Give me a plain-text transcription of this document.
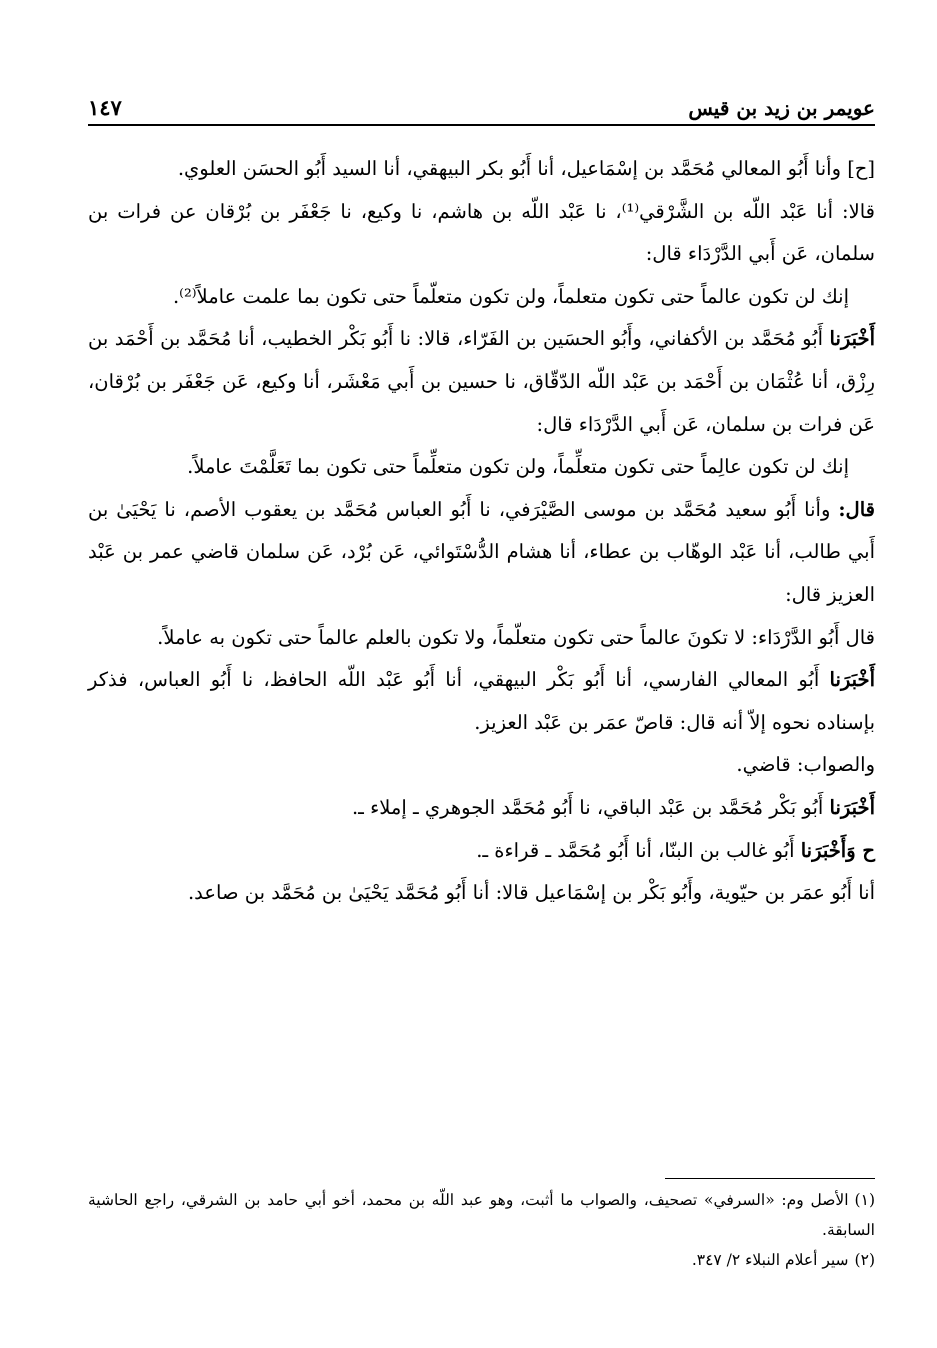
عويمر بن زيد بن قيس
١٤٧

[ح] وأنا أَبُو المعالي مُحَمَّد بن إسْمَاعيل، أنا أَبُو بكر البيهقي، أنا السيد أَبُو الحسَن العلوي.

قالا: أنا عَبْد اللّه بن الشَّرْقي⁽¹⁾، نا عَبْد اللّه بن هاشم، نا وكيع، نا جَعْفَر بن بُرْقان عن فرات بن سلمان، عَن أَبي الدَّرْدَاء قال:

إنك لن تكون عالماً حتى تكون متعلماً، ولن تكون متعلّماً حتى تكون بما علمت عاملاً⁽²⁾.

أَخْبَرَنا أَبُو مُحَمَّد بن الأكفاني، وأَبُو الحسَين بن الفَرّاء، قالا: نا أَبُو بَكْر الخطيب، أنا مُحَمَّد بن أَحْمَد بن رِزْق، أنا عُثْمَان بن أَحْمَد بن عَبْد اللّه الدّقّاق، نا حسين بن أَبي مَعْشَر، أنا وكيع، عَن جَعْفَر بن بُرْقان، عَن فرات بن سلمان، عَن أَبي الدَّرْدَاء قال:

إنك لن تكون عالِماً حتى تكون متعلِّماً، ولن تكون متعلِّماً حتى تكون بما تَعَلَّمْتَ عاملاً.

قال: وأنا أَبُو سعيد مُحَمَّد بن موسى الصَّيْرَفي، نا أَبُو العباس مُحَمَّد بن يعقوب الأصم، نا يَحْيَىٰ بن أَبي طالب، أنا عَبْد الوهّاب بن عطاء، أنا هشام الدُّسْتَوائي، عَن بُرْد، عَن سلمان قاضي عمر بن عَبْد العزيز قال:

قال أَبُو الدَّرْدَاء: لا تكونَ عالماً حتى تكون متعلّماً، ولا تكون بالعلم عالماً حتى تكون به عاملاً.

أَخْبَرَنا أَبُو المعالي الفارسي، أنا أَبُو بَكْر البيهقي، أنا أَبُو عَبْد اللّه الحافظ، نا أَبُو العباس، فذكر بإسناده نحوه إلاّ أنه قال: قاصّ عمَر بن عَبْد العزيز.

والصواب: قاضي.

أَخْبَرَنا أَبُو بَكْر مُحَمَّد بن عَبْد الباقي، نا أَبُو مُحَمَّد الجوهري ـ إملاء ـ.

ح وَأَخْبَرَنا أَبُو غالب بن البنّا، أنا أَبُو مُحَمَّد ـ قراءة ـ.

أنا أَبُو عمَر بن حيّوية، وأَبُو بَكْر بن إسْمَاعيل قالا: أنا أَبُو مُحَمَّد يَحْيَىٰ بن مُحَمَّد بن صاعد.

(١)الأصل وم: «السرفي» تصحيف، والصواب ما أثبت، وهو عبد اللّه بن محمد، أخو أبي حامد بن الشرقي، راجع الحاشية السابقة.

(٢)سير أعلام النبلاء ٢/ ٣٤٧.
